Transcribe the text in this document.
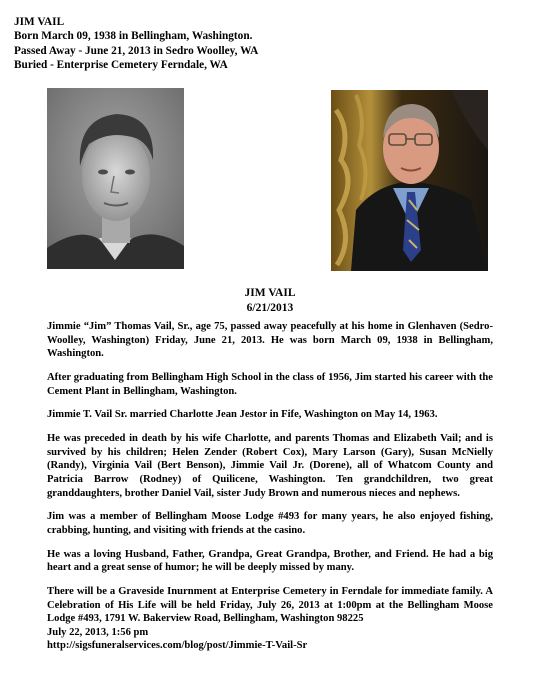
JIM VAIL
Born March 09, 1938 in Bellingham, Washington.
Passed Away - June 21, 2013 in Sedro Woolley, WA
Buried - Enterprise Cemetery Ferndale, WA
JIM VAIL
6/21/2013

Jimmie “Jim” Thomas Vail, Sr., age 75, passed away peacefully at his home in Glenhaven (Sedro-Woolley, Washington) Friday, June 21, 2013. He was born March 09, 1938 in Bellingham, Washington.

After graduating from Bellingham High School in the class of 1956, Jim started his career with the Cement Plant in Bellingham, Washington.

Jimmie T. Vail Sr. married Charlotte Jean Jestor in Fife, Washington on May 14, 1963.

He was preceded in death by his wife Charlotte, and parents Thomas and Elizabeth Vail; and is survived by his children; Helen Zender (Robert Cox), Mary Larson (Gary), Susan McNielly (Randy), Virginia Vail (Bert Benson), Jimmie Vail Jr. (Dorene), all of Whatcom County and Patricia Barrow (Rodney) of Quilicene, Washington. Ten grandchildren, two great granddaughters, brother Daniel Vail, sister Judy Brown and numerous nieces and nephews.

Jim was a member of Bellingham Moose Lodge #493 for many years, he also enjoyed fishing, crabbing, hunting, and visiting with friends at the casino.

He was a loving Husband, Father, Grandpa, Great Grandpa, Brother, and Friend. He had a big heart and a great sense of humor; he will be deeply missed by many.

There will be a Graveside Inurnment at Enterprise Cemetery in Ferndale for immediate family. A Celebration of His Life will be held Friday, July 26, 2013 at 1:00pm at the Bellingham Moose Lodge #493, 1791 W. Bakerview Road, Bellingham, Washington 98225

July 22, 2013, 1:56 pm

http://sigsfuneralservices.com/blog/post/Jimmie-T-Vail-Sr
